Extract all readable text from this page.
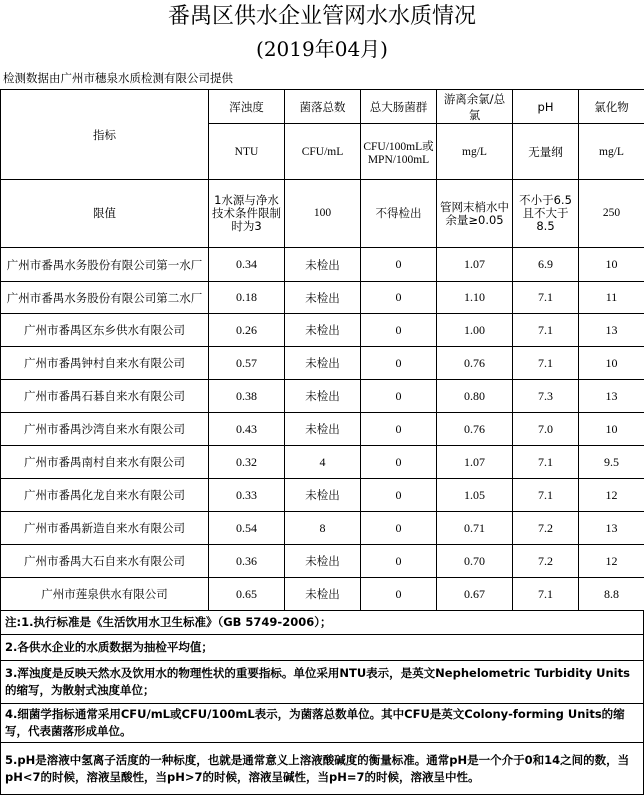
番禺区供水企业管网水水质情况
(2019年04月)
检测数据由广州市穗泉水质检测有限公司提供
指标	浑浊度	菌落总数	总大肠菌群	游离余氯/总氯	pH	氯化物
	NTU	CFU/mL	CFU/100mL或MPN/100mL	mg/L	无量纲	mg/L
限值	1水源与净水技术条件限制时为3	100	不得检出	管网末梢水中余量≥0.05	不小于6.5且不大于8.5	250
广州市番禺水务股份有限公司第一水厂	0.34	未检出	0	1.07	6.9	10
广州市番禺水务股份有限公司第二水厂	0.18	未检出	0	1.10	7.1	11
广州市番禺区东乡供水有限公司	0.26	未检出	0	1.00	7.1	13
广州市番禺钟村自来水有限公司	0.57	未检出	0	0.76	7.1	10
广州市番禺石碁自来水有限公司	0.38	未检出	0	0.80	7.3	13
广州市番禺沙湾自来水有限公司	0.43	未检出	0	0.76	7.0	10
广州市番禺南村自来水有限公司	0.32	4	0	1.07	7.1	9.5
广州市番禺化龙自来水有限公司	0.33	未检出	0	1.05	7.1	12
广州市番禺新造自来水有限公司	0.54	8	0	0.71	7.2	13
广州市番禺大石自来水有限公司	0.36	未检出	0	0.70	7.2	12
广州市莲泉供水有限公司	0.65	未检出	0	0.67	7.1	8.8
注:1.执行标准是《生活饮用水卫生标准》（GB 5749-2006）；
2.各供水企业的水质数据为抽检平均值；
3.浑浊度是反映天然水及饮用水的物理性状的重要指标。单位采用NTU表示，是英文Nephelometric Turbidity Units的缩写，为散射式浊度单位；
4.细菌学指标通常采用CFU/mL或CFU/100mL表示，为菌落总数单位。其中CFU是英文Colony-forming Units的缩写，代表菌落形成单位。
5.pH是溶液中氢离子活度的一种标度，也就是通常意义上溶液酸碱度的衡量标准。通常pH是一个介于0和14之间的数，当pH<7的时候，溶液呈酸性，当pH>7的时候，溶液呈碱性，当pH=7的时候，溶液呈中性。
